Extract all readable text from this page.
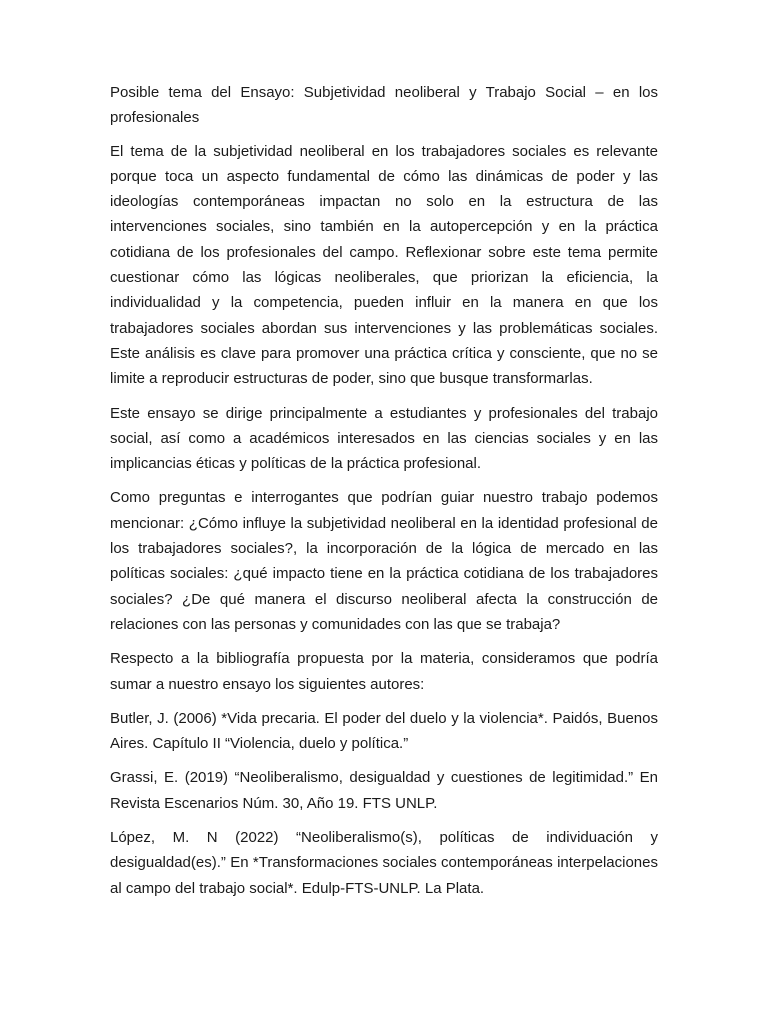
Posible tema del Ensayo: Subjetividad neoliberal y Trabajo Social – en los profesionales

El tema de la subjetividad neoliberal en los trabajadores sociales es relevante porque toca un aspecto fundamental de cómo las dinámicas de poder y las ideologías contemporáneas impactan no solo en la estructura de las intervenciones sociales, sino también en la autopercepción y en la práctica cotidiana de los profesionales del campo. Reflexionar sobre este tema permite cuestionar cómo las lógicas neoliberales, que priorizan la eficiencia, la individualidad y la competencia, pueden influir en la manera en que los trabajadores sociales abordan sus intervenciones y las problemáticas sociales. Este análisis es clave para promover una práctica crítica y consciente, que no se limite a reproducir estructuras de poder, sino que busque transformarlas.

Este ensayo se dirige principalmente a estudiantes y profesionales del trabajo social, así como a académicos interesados en las ciencias sociales y en las implicancias éticas y políticas de la práctica profesional.

Como preguntas e interrogantes que podrían guiar nuestro trabajo podemos mencionar: ¿Cómo influye la subjetividad neoliberal en la identidad profesional de los trabajadores sociales?, la incorporación de la lógica de mercado en las políticas sociales: ¿qué impacto tiene en la práctica cotidiana de los trabajadores sociales? ¿De qué manera el discurso neoliberal afecta la construcción de relaciones con las personas y comunidades con las que se trabaja?

Respecto a la bibliografía propuesta por la materia, consideramos que podría sumar a nuestro ensayo los siguientes autores:

Butler, J. (2006) *Vida precaria. El poder del duelo y la violencia*. Paidós, Buenos Aires. Capítulo II “Violencia, duelo y política.”

Grassi, E. (2019) “Neoliberalismo, desigualdad y cuestiones de legitimidad.” En Revista Escenarios Núm. 30, Año 19. FTS UNLP.

López, M. N (2022) “Neoliberalismo(s), políticas de individuación y desigualdad(es).” En *Transformaciones sociales contemporáneas interpelaciones al campo del trabajo social*. Edulp-FTS-UNLP. La Plata.
